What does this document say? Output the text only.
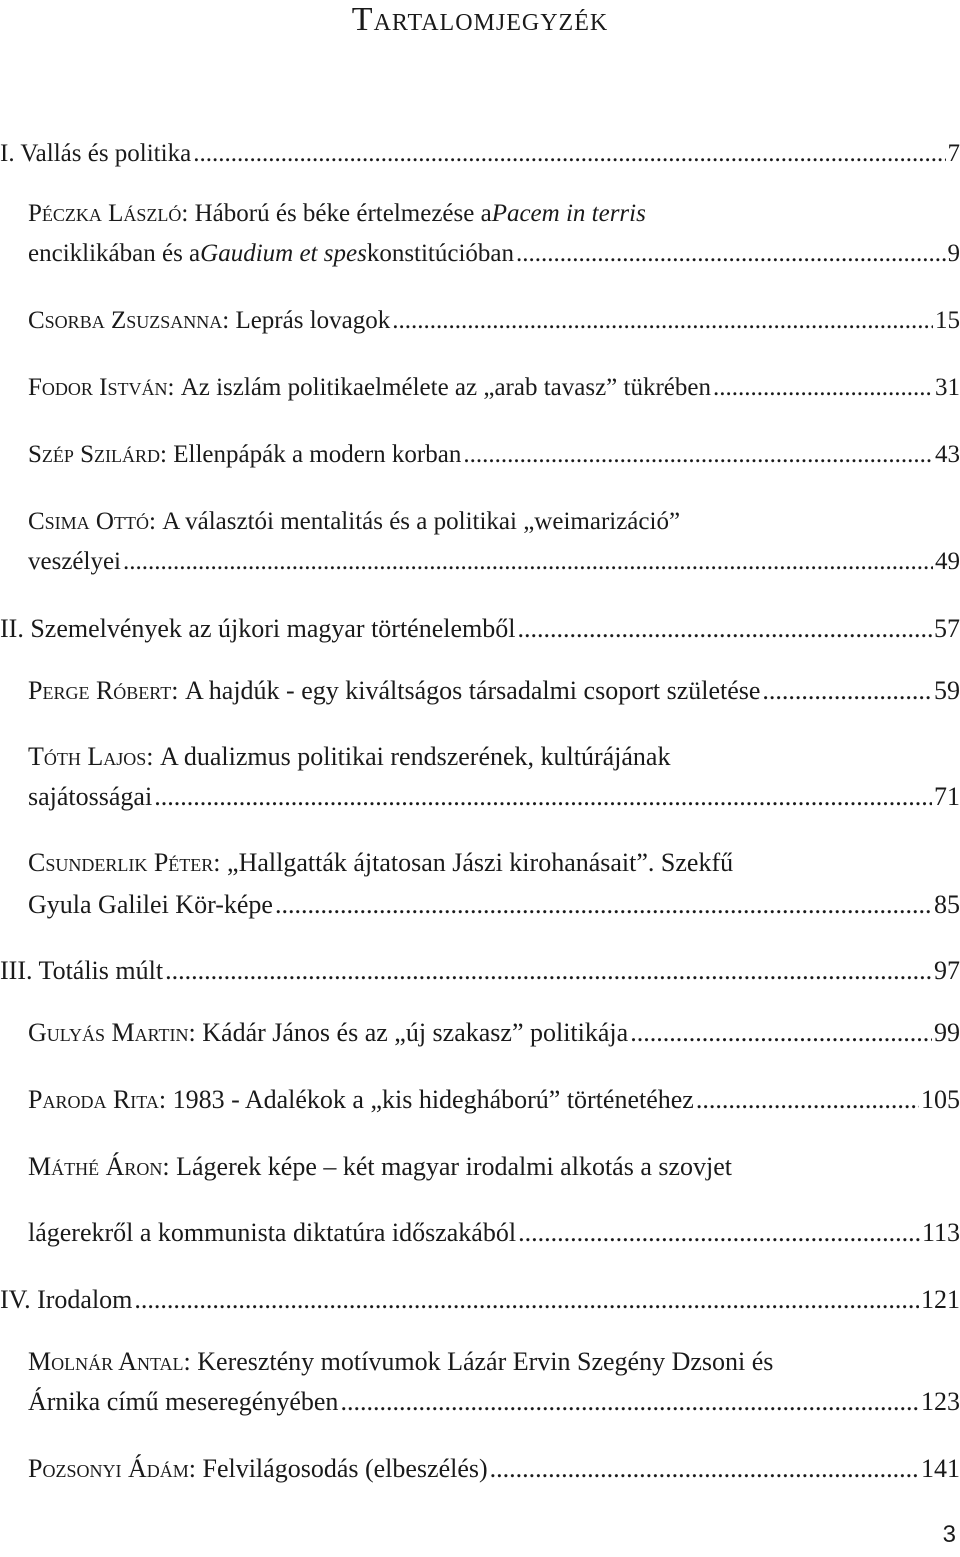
Tartalomjegyzék
I. Vallás és politika .....	7
Péczka László : Háború és béke értelmezése a Pacem in terris
enciklikában és a Gaudium et spes konstitúcióban .....	9
Csorba Zsuzsanna : Leprás lovagok .....	15
Fodor István : Az iszlám politikaelmélete az „arab tavasz” tükrében .....	31
Szép Szilárd : Ellenpápák a modern korban .....	43
Csima Ottó : A választói mentalitás és a politikai „weimarizáció”
veszélyei .....	49
II. Szemelvények az újkori magyar történelemből .....	57
Perge Róbert : A hajdúk - egy kiváltságos társadalmi csoport születése .....	59
Tóth Lajos : A dualizmus politikai rendszerének, kultúrájának
sajátosságai .....	71
Csunderlik Péter : „Hallgatták ájtatosan Jászi kirohanásait”. Szekfű
Gyula Galilei Kör-képe .....	85
III. Totális múlt .....	97
Gulyás Martin : Kádár János és az „új szakasz” politikája .....	99
Paroda Rita : 1983 - Adalékok a „kis hidegháború” történetéhez .....	105
Máthé Áron : Lágerek képe – két magyar irodalmi alkotás a szovjet
lágerekről a kommunista diktatúra időszakából .....	113
IV. Irodalom .....	121
Molnár Antal : Keresztény motívumok Lázár Ervin Szegény Dzsoni és
Árnika című meseregényében .....	123
Pozsonyi Ádám : Felvilágosodás (elbeszélés) .....	141
3
